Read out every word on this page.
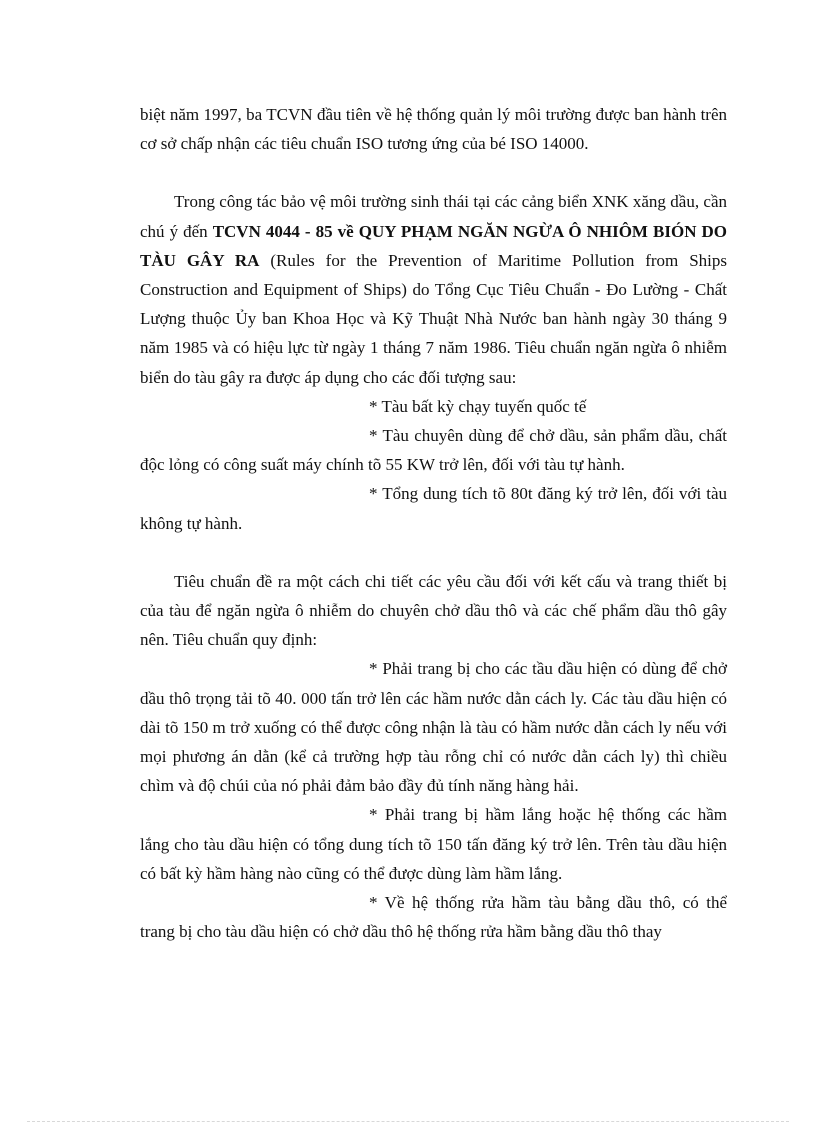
biệt năm 1997, ba TCVN đầu tiên về hệ thống quản lý môi trường được ban hành trên cơ sở chấp nhận các tiêu chuẩn ISO tương ứng của bé ISO 14000.

Trong công tác bảo vệ môi trường sinh thái tại các cảng biển XNK xăng dầu, cần chú ý đến TCVN 4044 - 85 về QUY PHẠM NGĂN NGỪA Ô NHIÔM BIÓN DO TÀU GÂY RA (Rules for the Prevention of Maritime Pollution from Ships Construction and Equipment of Ships) do Tổng Cục Tiêu Chuẩn - Đo Lường - Chất Lượng thuộc Ủy ban Khoa Học và Kỹ Thuật Nhà Nước ban hành ngày 30 tháng 9 năm 1985 và có hiệu lực từ ngày 1 tháng 7 năm 1986. Tiêu chuẩn ngăn ngừa ô nhiễm biển do tàu gây ra được áp dụng cho các đối tượng sau:

* Tàu bất kỳ chạy tuyến quốc tế

* Tàu chuyên dùng để chở dầu, sản phẩm dầu, chất độc lỏng có công suất máy chính tõ 55 KW trở lên, đối với tàu tự hành.

* Tổng dung tích tõ 80t đăng ký trở lên, đối với tàu không tự hành.

Tiêu chuẩn đề ra một cách chi tiết các yêu cầu đối với kết cấu và trang thiết bị của tàu để ngăn ngừa ô nhiễm do chuyên chở dầu thô và các chế phẩm dầu thô gây nên. Tiêu chuẩn quy định:

* Phải trang bị cho các tầu dầu hiện có dùng để chở dầu thô trọng tải tõ 40. 000 tấn trở lên các hầm nước dằn cách ly. Các tàu dầu hiện có dài tõ 150 m trở xuống có thể được công nhận là tàu có hầm nước dằn cách ly nếu với mọi phương án dằn (kể cả trường hợp tàu rỗng chỉ có nước dằn cách ly) thì chiều chìm và độ chúi của nó phải đảm bảo đầy đủ tính năng hàng hải.

* Phải trang bị hầm lắng hoặc hệ thống các hầm lắng cho tàu dầu hiện có tổng dung tích tõ 150 tấn đăng ký trở lên. Trên tàu dầu hiện có bất kỳ hầm hàng nào cũng có thể được dùng làm hầm lắng.

* Về hệ thống rửa hầm tàu bằng dầu thô, có thể trang bị cho tàu dầu hiện có chở dầu thô hệ thống rửa hầm bằng dầu thô thay
